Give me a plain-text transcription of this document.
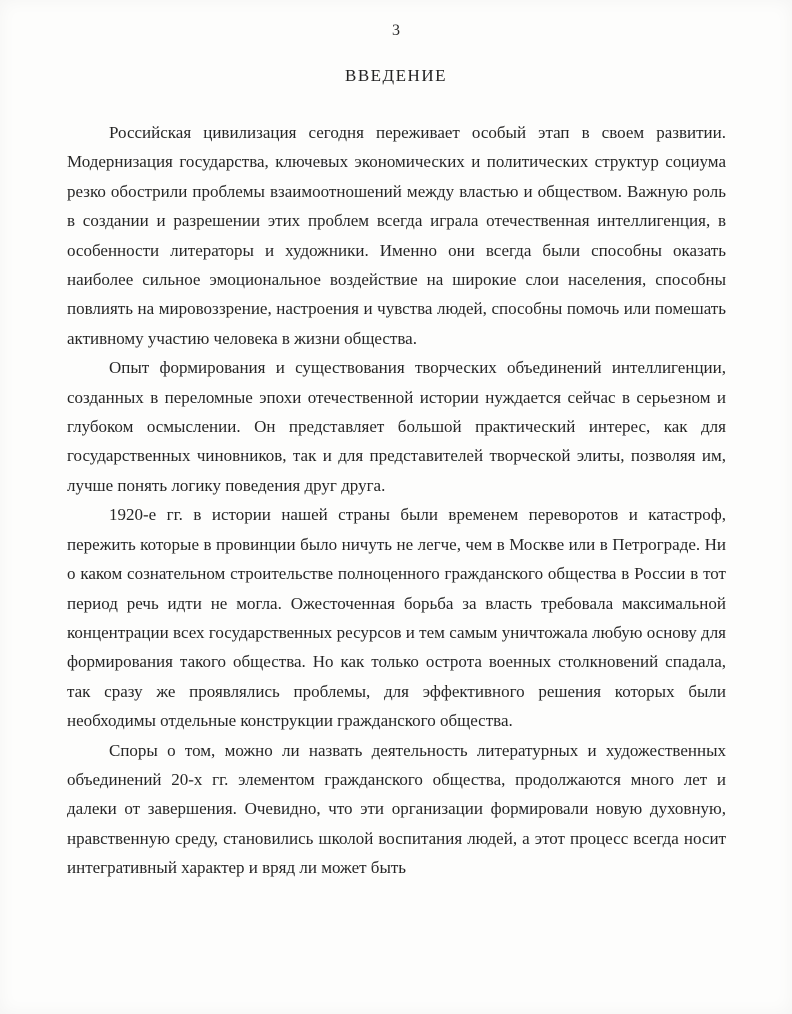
3
ВВЕДЕНИЕ

Российская цивилизация сегодня переживает особый этап в своем развитии. Модернизация государства, ключевых экономических и политических структур социума резко обострили проблемы взаимоотношений между властью и обществом. Важную роль в создании и разрешении этих проблем всегда играла отечественная интеллигенция, в особенности литераторы и художники. Именно они всегда были способны оказать наиболее сильное эмоциональное воздействие на широкие слои населения, способны повлиять на мировоззрение, настроения и чувства людей, способны помочь или помешать активному участию человека в жизни общества.

Опыт формирования и существования творческих объединений интеллигенции, созданных в переломные эпохи отечественной истории нуждается сейчас в серьезном и глубоком осмыслении. Он представляет большой практический интерес, как для государственных чиновников, так и для представителей творческой элиты, позволяя им, лучше понять логику поведения друг друга.

1920-е гг. в истории нашей страны были временем переворотов и катастроф, пережить которые в провинции было ничуть не легче, чем в Москве или в Петрограде. Ни о каком сознательном строительстве полноценного гражданского общества в России в тот период речь идти не могла. Ожесточенная борьба за власть требовала максимальной концентрации всех государственных ресурсов и тем самым уничтожала любую основу для формирования такого общества. Но как только острота военных столкновений спадала, так сразу же проявлялись проблемы, для эффективного решения которых были необходимы отдельные конструкции гражданского общества.

Споры о том, можно ли назвать деятельность литературных и художественных объединений 20-х гг. элементом гражданского общества, продолжаются много лет и далеки от завершения. Очевидно, что эти организации формировали новую духовную, нравственную среду, становились школой воспитания людей, а этот процесс всегда носит интегративный характер и вряд ли может быть
